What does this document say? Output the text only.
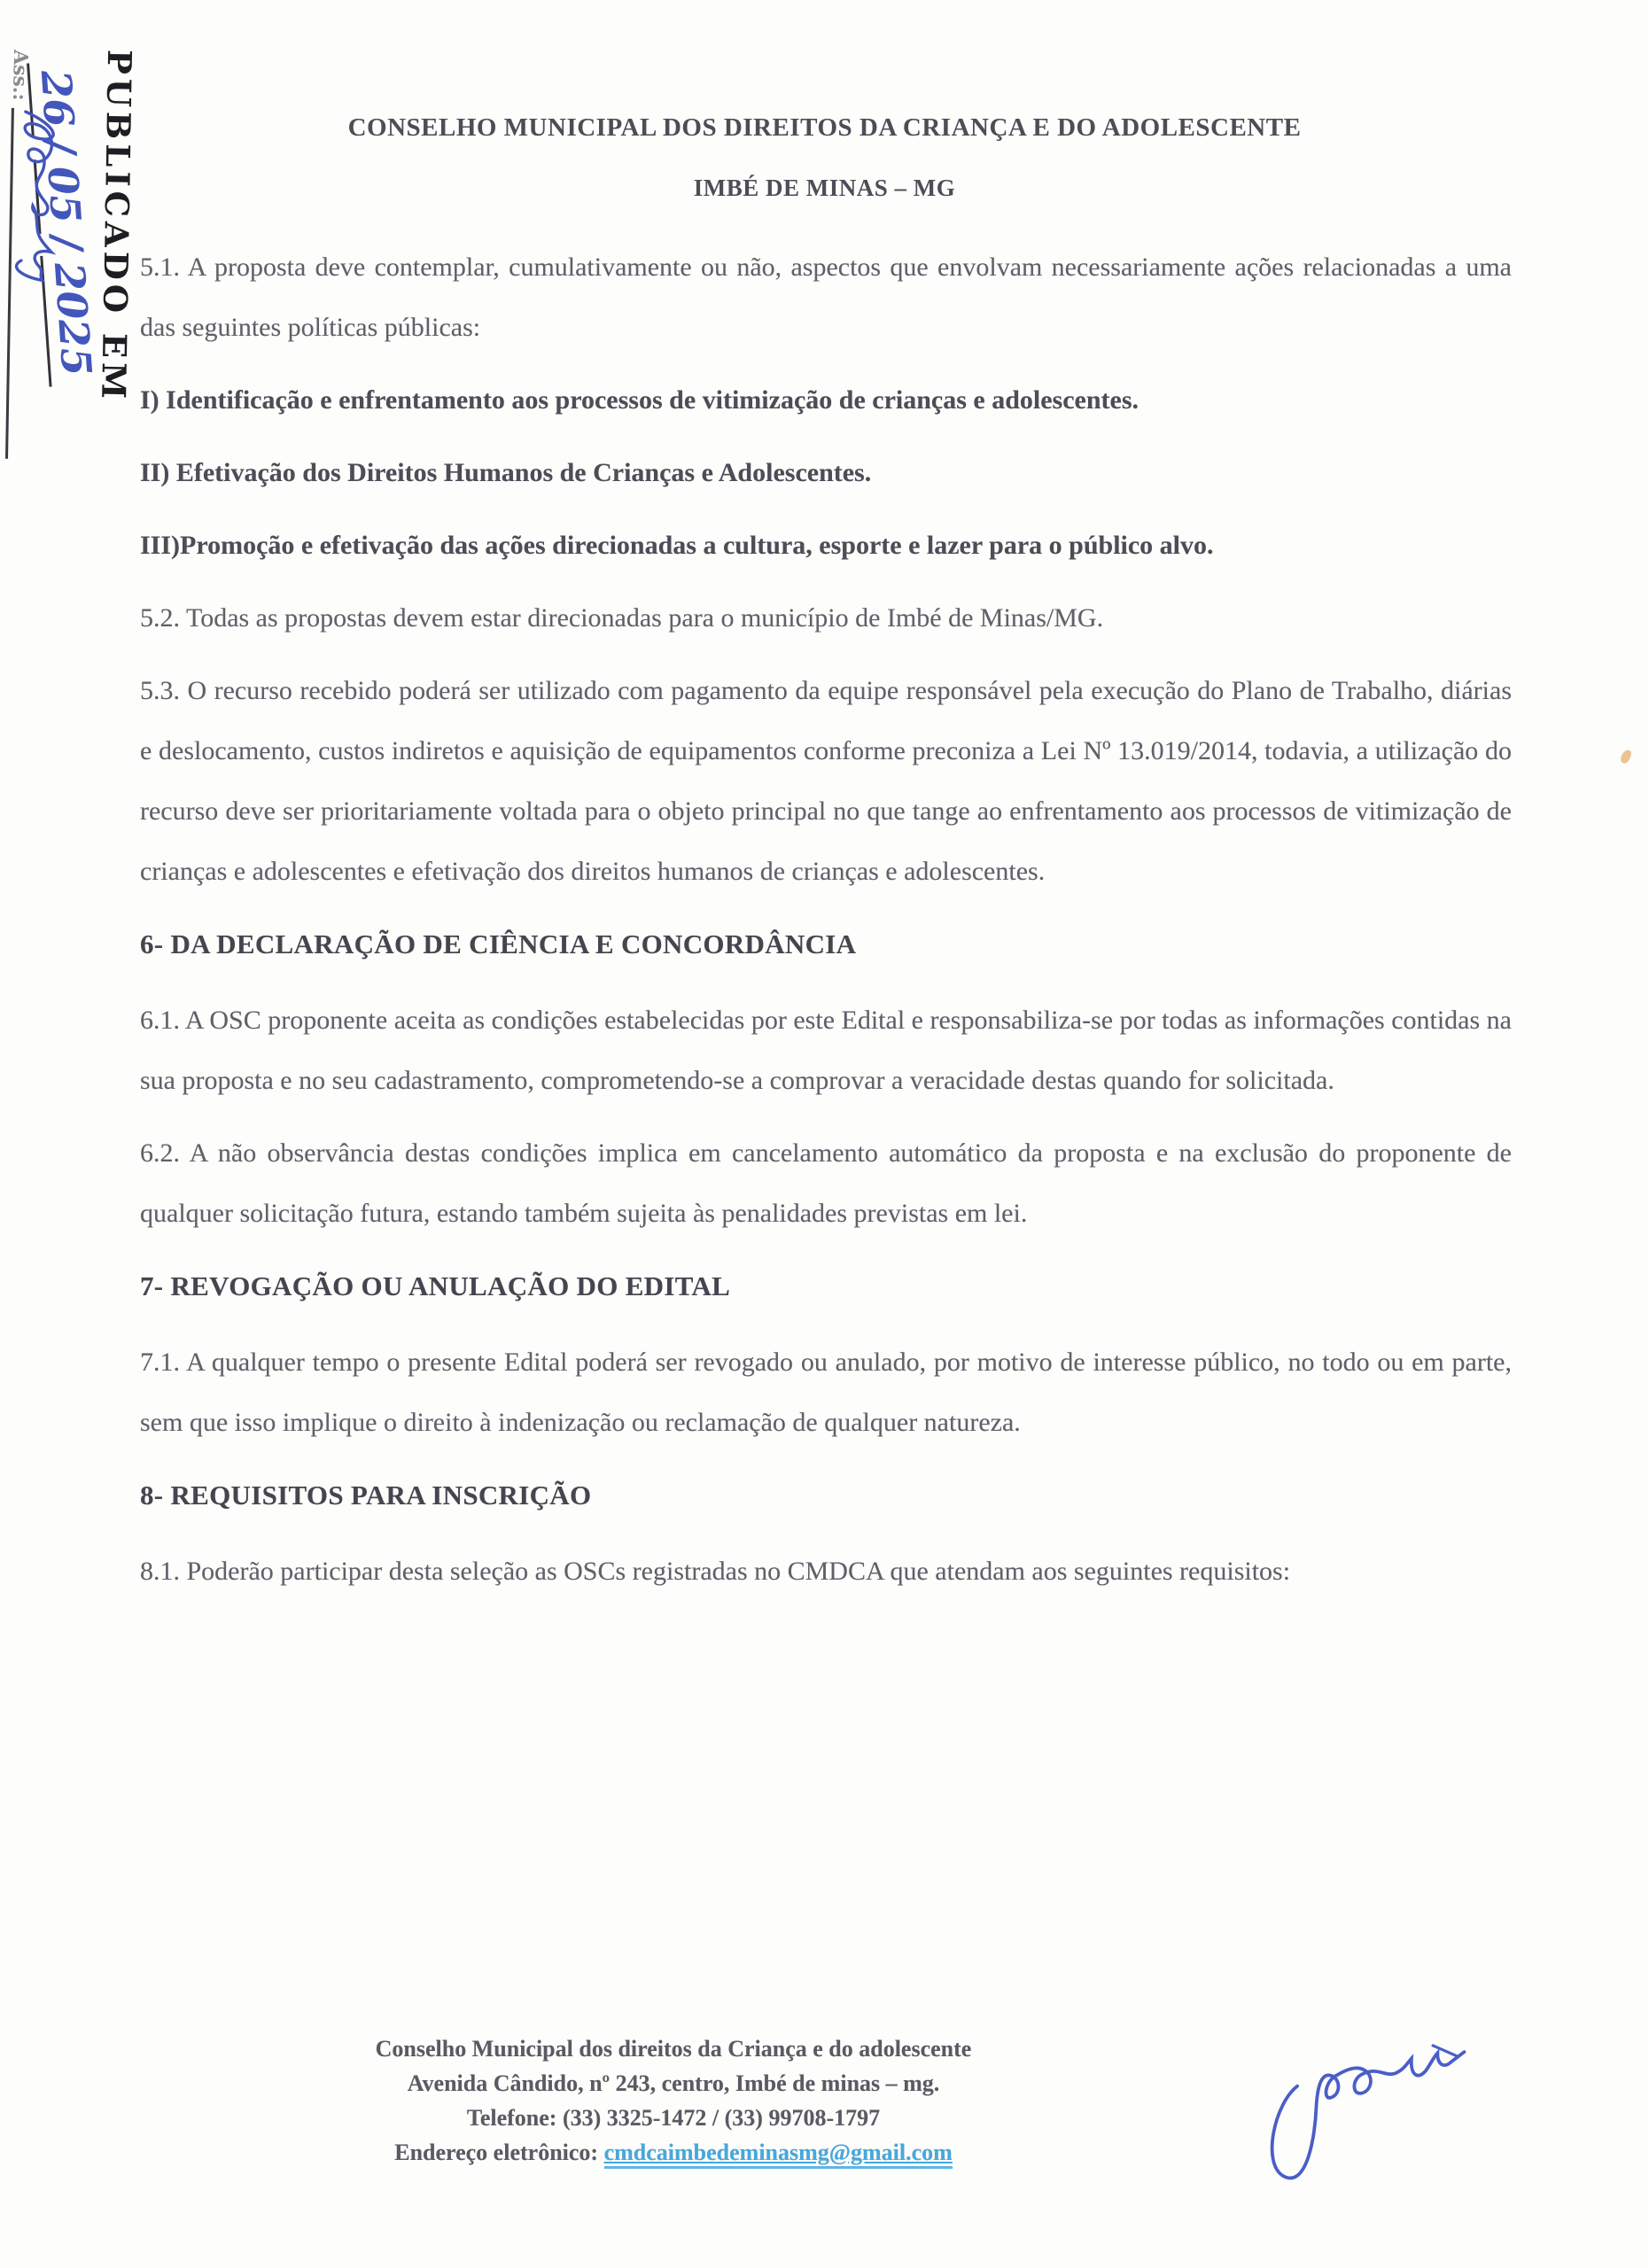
PUBLICADO EM
26/05/2025
Ass.:
CONSELHO MUNICIPAL DOS DIREITOS DA CRIANÇA E DO ADOLESCENTE
IMBÉ DE MINAS – MG

5.1. A proposta deve contemplar, cumulativamente ou não, aspectos que envolvam necessariamente ações relacionadas a uma das seguintes políticas públicas:

I) Identificação e enfrentamento aos processos de vitimização de crianças e adolescentes.

II) Efetivação dos Direitos Humanos de Crianças e Adolescentes.

III)Promoção e efetivação das ações direcionadas a cultura, esporte e lazer para o público alvo.

5.2. Todas as propostas devem estar direcionadas para o município de Imbé de Minas/MG.

5.3. O recurso recebido poderá ser utilizado com pagamento da equipe responsável pela execução do Plano de Trabalho, diárias e deslocamento, custos indiretos e aquisição de equipamentos conforme preconiza a Lei Nº 13.019/2014, todavia, a utilização do recurso deve ser prioritariamente voltada para o objeto principal no que tange ao enfrentamento aos processos de vitimização de crianças e adolescentes e efetivação dos direitos humanos de crianças e adolescentes.

6- DA DECLARAÇÃO DE CIÊNCIA E CONCORDÂNCIA

6.1. A OSC proponente aceita as condições estabelecidas por este Edital e responsabiliza-se por todas as informações contidas na sua proposta e no seu cadastramento, comprometendo-se a comprovar a veracidade destas quando for solicitada.

6.2. A não observância destas condições implica em cancelamento automático da proposta e na exclusão do proponente de qualquer solicitação futura, estando também sujeita às penalidades previstas em lei.

7- REVOGAÇÃO OU ANULAÇÃO DO EDITAL

7.1. A qualquer tempo o presente Edital poderá ser revogado ou anulado, por motivo de interesse público, no todo ou em parte, sem que isso implique o direito à indenização ou reclamação de qualquer natureza.

8- REQUISITOS PARA INSCRIÇÃO

8.1. Poderão participar desta seleção as OSCs registradas no CMDCA que atendam aos seguintes requisitos:

Conselho Municipal dos direitos da Criança e do adolescente
Avenida Cândido, nº 243, centro, Imbé de minas – mg.
Telefone: (33) 3325-1472 / (33) 99708-1797
Endereço eletrônico: cmdcaimbedeminasmg@gmail.com
